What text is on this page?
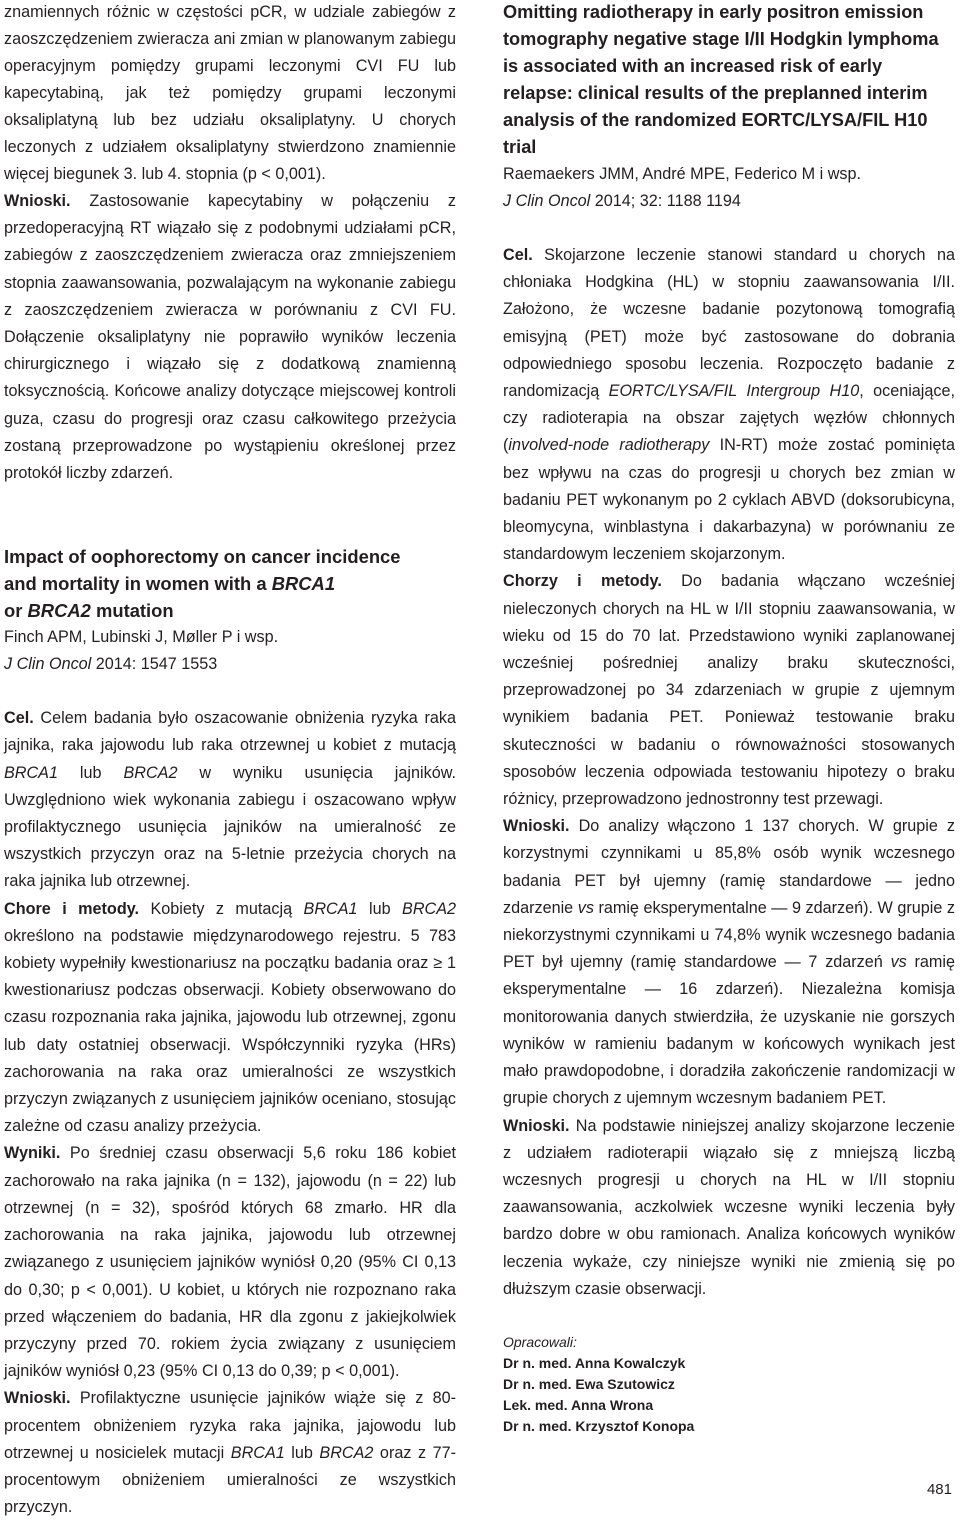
znamiennych różnic w częstości pCR, w udziale zabiegów z zaoszczędzeniem zwieracza ani zmian w planowanym zabiegu operacyjnym pomiędzy grupami leczonymi CVI FU lub kapecytabiną, jak też pomiędzy grupami leczonymi oksaliplatyną lub bez udziału oksaliplatyny. U chorych leczonych z udziałem oksaliplatyny stwierdzono znamiennie więcej biegunek 3. lub 4. stopnia (p < 0,001).

Wnioski. Zastosowanie kapecytabiny w połączeniu z przedoperacyjną RT wiązało się z podobnymi udziałami pCR, zabiegów z zaoszczędzeniem zwieracza oraz zmniejszeniem stopnia zaawansowania, pozwalającym na wykonanie zabiegu z zaoszczędzeniem zwieracza w porównaniu z CVI FU. Dołączenie oksaliplatyny nie poprawiło wyników leczenia chirurgicznego i wiązało się z dodatkową znamienną toksycznością. Końcowe analizy dotyczące miejscowej kontroli guza, czasu do progresji oraz czasu całkowitego przeżycia zostaną przeprowadzone po wystąpieniu określonej przez protokół liczby zdarzeń.

Impact of oophorectomy on cancer incidence
and mortality in women with a BRCA1
or BRCA2 mutation
Finch APM, Lubinski J, Møller P i wsp.
J Clin Oncol 2014: 1547 1553

Cel. Celem badania było oszacowanie obniżenia ryzyka raka jajnika, raka jajowodu lub raka otrzewnej u kobiet z mutacją BRCA1 lub BRCA2 w wyniku usunięcia jajników. Uwzględniono wiek wykonania zabiegu i oszacowano wpływ profilaktycznego usunięcia jajników na umieralność ze wszystkich przyczyn oraz na 5-letnie przeżycia chorych na raka jajnika lub otrzewnej.

Chore i metody. Kobiety z mutacją BRCA1 lub BRCA2 określono na podstawie międzynarodowego rejestru. 5 783 kobiety wypełniły kwestionariusz na początku badania oraz ≥ 1 kwestionariusz podczas obserwacji. Kobiety obserwowano do czasu rozpoznania raka jajnika, jajowodu lub otrzewnej, zgonu lub daty ostatniej obserwacji. Współczynniki ryzyka (HRs) zachorowania na raka oraz umieralności ze wszystkich przyczyn związanych z usunięciem jajników oceniano, stosując zależne od czasu analizy przeżycia.

Wyniki. Po średniej czasu obserwacji 5,6 roku 186 kobiet zachorowało na raka jajnika (n = 132), jajowodu (n = 22) lub otrzewnej (n = 32), spośród których 68 zmarło. HR dla zachorowania na raka jajnika, jajowodu lub otrzewnej związanego z usunięciem jajników wyniósł 0,20 (95% CI 0,13 do 0,30; p < 0,001). U kobiet, u których nie rozpoznano raka przed włączeniem do badania, HR dla zgonu z jakiejkolwiek przyczyny przed 70. rokiem życia związany z usunięciem jajników wyniósł 0,23 (95% CI 0,13 do 0,39; p < 0,001).

Wnioski. Profilaktyczne usunięcie jajników wiąże się z 80-procentem obniżeniem ryzyka raka jajnika, jajowodu lub otrzewnej u nosicielek mutacji BRCA1 lub BRCA2 oraz z 77-procentowym obniżeniem umieralności ze wszystkich przyczyn.

Omitting radiotherapy in early positron emission tomography negative stage I/II Hodgkin lymphoma is associated with an increased risk of early relapse: clinical results of the preplanned interim analysis of the randomized EORTC/LYSA/FIL H10 trial
Raemaekers JMM, André MPE, Federico M i wsp.
J Clin Oncol 2014; 32: 1188 1194

Cel. Skojarzone leczenie stanowi standard u chorych na chłoniaka Hodgkina (HL) w stopniu zaawansowania I/II. Założono, że wczesne badanie pozytonową tomografią emisyjną (PET) może być zastosowane do dobrania odpowiedniego sposobu leczenia. Rozpoczęto badanie z randomizacją EORTC/LYSA/FIL Intergroup H10, oceniające, czy radioterapia na obszar zajętych węzłów chłonnych (involved-node radiotherapy IN-RT) może zostać pominięta bez wpływu na czas do progresji u chorych bez zmian w badaniu PET wykonanym po 2 cyklach ABVD (doksorubicyna, bleomycyna, winblastyna i dakarbazyna) w porównaniu ze standardowym leczeniem skojarzonym.

Chorzy i metody. Do badania włączano wcześniej nieleczonych chorych na HL w I/II stopniu zaawansowania, w wieku od 15 do 70 lat. Przedstawiono wyniki zaplanowanej wcześniej pośredniej analizy braku skuteczności, przeprowadzonej po 34 zdarzeniach w grupie z ujemnym wynikiem badania PET. Ponieważ testowanie braku skuteczności w badaniu o równoważności stosowanych sposobów leczenia odpowiada testowaniu hipotezy o braku różnicy, przeprowadzono jednostronny test przewagi.

Wnioski. Do analizy włączono 1 137 chorych. W grupie z korzystnymi czynnikami u 85,8% osób wynik wczesnego badania PET był ujemny (ramię standardowe — jedno zdarzenie vs ramię eksperymentalne — 9 zdarzeń). W grupie z niekorzystnymi czynnikami u 74,8% wynik wczesnego badania PET był ujemny (ramię standardowe — 7 zdarzeń vs ramię eksperymentalne — 16 zdarzeń). Niezależna komisja monitorowania danych stwierdziła, że uzyskanie nie gorszych wyników w ramieniu badanym w końcowych wynikach jest mało prawdopodobne, i doradziła zakończenie randomizacji w grupie chorych z ujemnym wczesnym badaniem PET.

Wnioski. Na podstawie niniejszej analizy skojarzone leczenie z udziałem radioterapii wiązało się z mniejszą liczbą wczesnych progresji u chorych na HL w I/II stopniu zaawansowania, aczkolwiek wczesne wyniki leczenia były bardzo dobre w obu ramionach. Analiza końcowych wyników leczenia wykaże, czy niniejsze wyniki nie zmienią się po dłuższym czasie obserwacji.

Opracowali:
Dr n. med. Anna Kowalczyk
Dr n. med. Ewa Szutowicz
Lek. med. Anna Wrona
Dr n. med. Krzysztof Konopa
481
